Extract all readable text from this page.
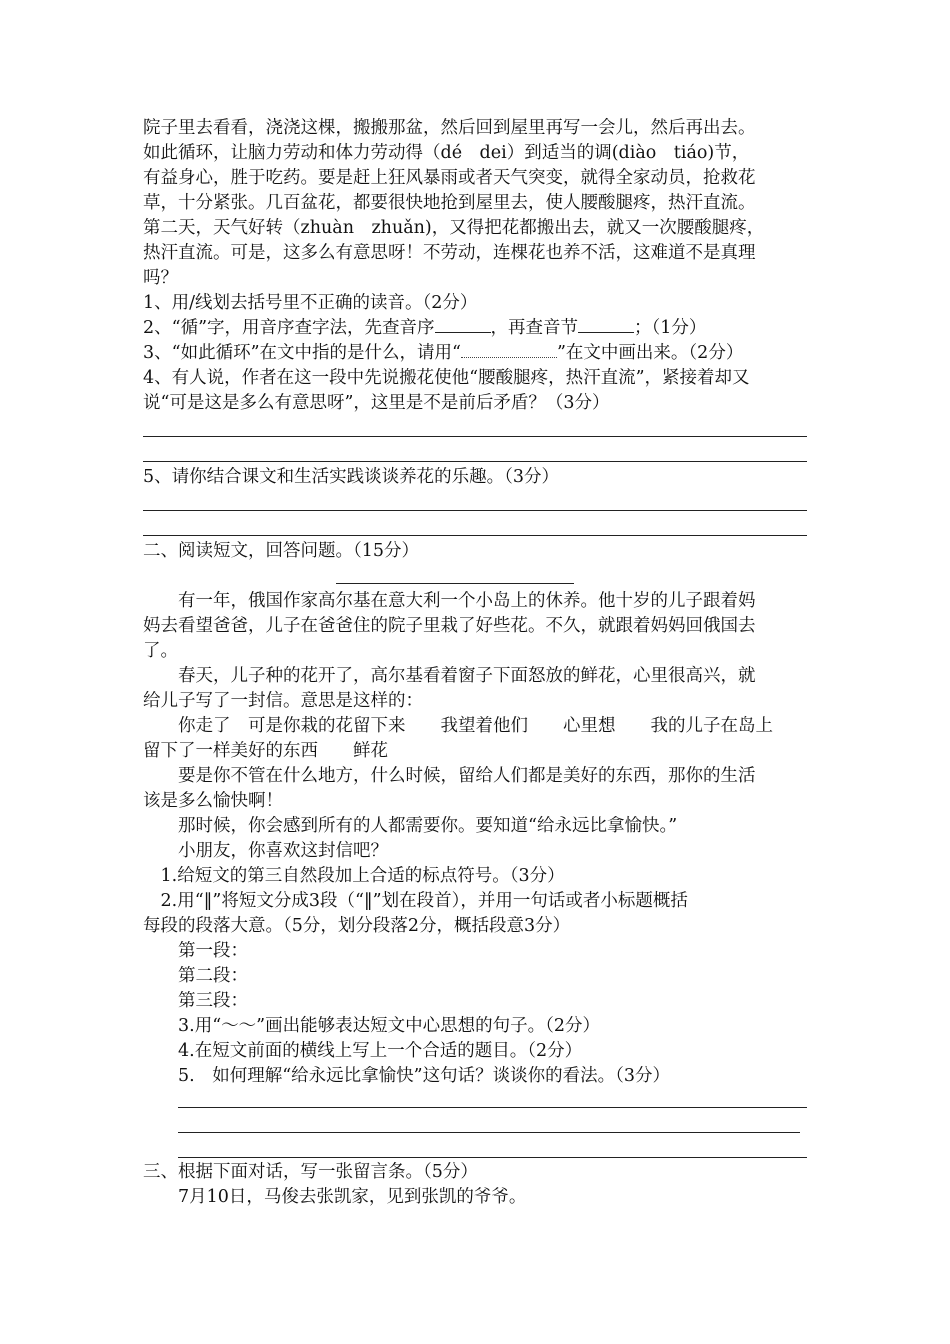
院子里去看看，浇浇这棵，搬搬那盆，然后回到屋里再写一会儿，然后再出去。
如此循环，让脑力劳动和体力劳动得（dé　dei）到适当的调(diào　tiáo)节，
有益身心，胜于吃药。要是赶上狂风暴雨或者天气突变，就得全家动员，抢救花
草，十分紧张。几百盆花，都要很快地抢到屋里去，使人腰酸腿疼，热汗直流。
第二天，天气好转（zhuàn　zhuǎn)，又得把花都搬出去，就又一次腰酸腿疼，
热汗直流。可是，这多么有意思呀！不劳动，连棵花也养不活，这难道不是真理
吗？
1、用/线划去括号里不正确的读音。（2分）
2、“循”字，用音序查字法，先查音序	，再查音节	；（1分）
3、“如此循环”在文中指的是什么，请用“	”在文中画出来。（2分）
4、有人说，作者在这一段中先说搬花使他“腰酸腿疼，热汗直流”，紧接着却又
说“可是这是多么有意思呀”，这里是不是前后矛盾？（3分）
5、请你结合课文和生活实践谈谈养花的乐趣。（3分）
二、阅读短文，回答问题。（15分）
　　有一年，俄国作家高尔基在意大利一个小岛上的休养。他十岁的儿子跟着妈
妈去看望爸爸，儿子在爸爸住的院子里栽了好些花。不久，就跟着妈妈回俄国去
了。
　　春天，儿子种的花开了，高尔基看着窗子下面怒放的鲜花，心里很高兴，就
给儿子写了一封信。意思是这样的：
　　你走了　可是你栽的花留下来　　我望着他们　　心里想　　我的儿子在岛上
留下了一样美好的东西　　鲜花
　　要是你不管在什么地方，什么时候，留给人们都是美好的东西，那你的生活
该是多么愉快啊！
　　那时候，你会感到所有的人都需要你。要知道“给永远比拿愉快。”
　　小朋友，你喜欢这封信吧？
　1.给短文的第三自然段加上合适的标点符号。（3分）
　2.用“‖”将短文分成3段（“‖”划在段首），并用一句话或者小标题概括
每段的段落大意。（5分，划分段落2分，概括段意3分）
　　第一段：
　　第二段：
　　第三段：
　　3.用“～～”画出能够表达短文中心思想的句子。（2分）
　　4.在短文前面的横线上写上一个合适的题目。（2分）
　　5.　如何理解“给永远比拿愉快”这句话？谈谈你的看法。（3分）
三、根据下面对话，写一张留言条。（5分）
　　7月10日，马俊去张凯家，见到张凯的爷爷。
